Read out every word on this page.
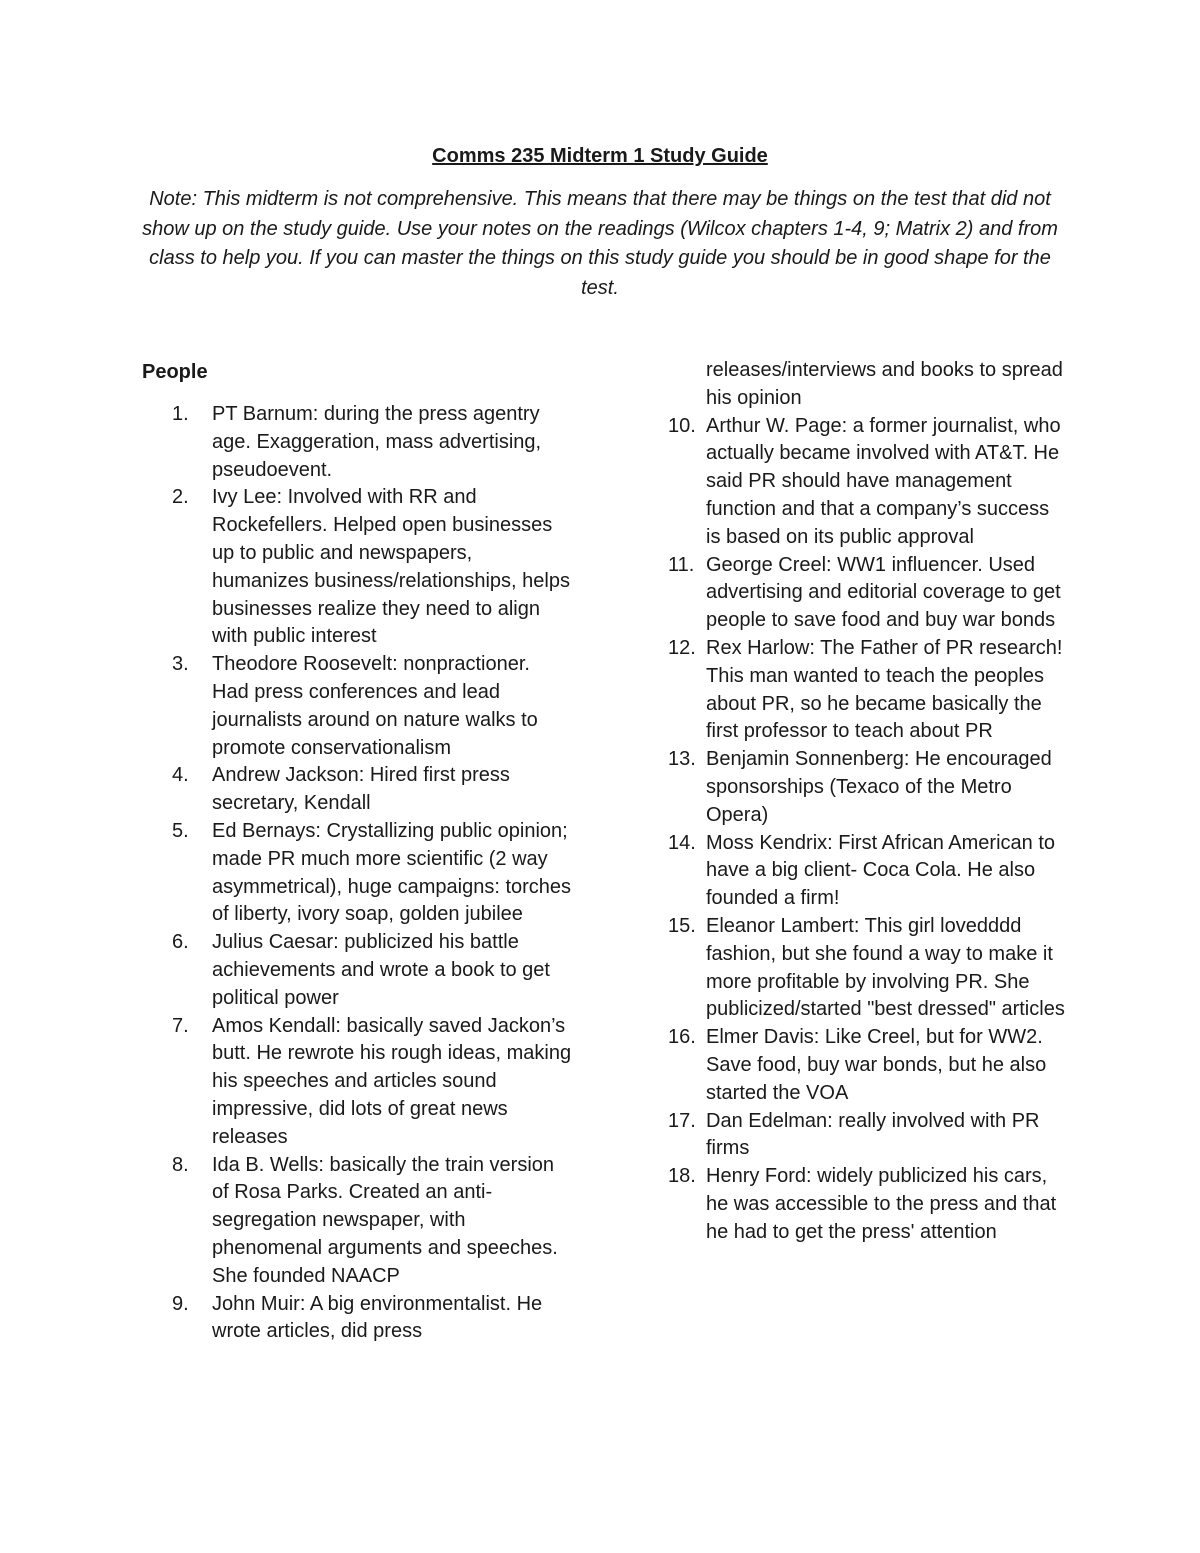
Comms 235 Midterm 1 Study Guide
Note: This midterm is not comprehensive. This means that there may be things on the test that did not show up on the study guide. Use your notes on the readings (Wilcox chapters 1-4, 9; Matrix 2) and from class to help you. If you can master the things on this study guide you should be in good shape for the test.
People
1.	PT Barnum: during the press agentry age. Exaggeration, mass advertising, pseudoevent.
2.	Ivy Lee: Involved with RR and Rockefellers. Helped open businesses up to public and newspapers, humanizes business/relationships, helps businesses realize they need to align with public interest
3.	Theodore Roosevelt: nonpractioner. Had press conferences and lead journalists around on nature walks to promote conservationalism
4.	Andrew Jackson: Hired first press secretary, Kendall
5.	Ed Bernays: Crystallizing public opinion; made PR much more scientific (2 way asymmetrical), huge campaigns: torches of liberty, ivory soap, golden jubilee
6.	Julius Caesar: publicized his battle achievements and wrote a book to get political power
7.	Amos Kendall: basically saved Jackon’s butt. He rewrote his rough ideas, making his speeches and articles sound impressive, did lots of great news releases
8.	Ida B. Wells: basically the train version of Rosa Parks. Created an anti-segregation newspaper, with phenomenal arguments and speeches. She founded NAACP
9.	John Muir: A big environmentalist. He wrote articles, did press
releases/interviews and books to spread his opinion
10. Arthur W. Page: a former journalist, who actually became involved with AT&T. He said PR should have management function and that a company’s success is based on its public approval
11. George Creel: WW1 influencer. Used advertising and editorial coverage to get people to save food and buy war bonds
12. Rex Harlow: The Father of PR research! This man wanted to teach the peoples about PR, so he became basically the first professor to teach about PR
13. Benjamin Sonnenberg: He encouraged sponsorships (Texaco of the Metro Opera)
14. Moss Kendrix: First African American to have a big client- Coca Cola. He also founded a firm!
15. Eleanor Lambert: This girl lovedddd fashion, but she found a way to make it more profitable by involving PR. She publicized/started "best dressed" articles
16. Elmer Davis: Like Creel, but for WW2. Save food, buy war bonds, but he also started the VOA
17. Dan Edelman: really involved with PR firms
18. Henry Ford: widely publicized his cars, he was accessible to the press and that he had to get the press' attention
